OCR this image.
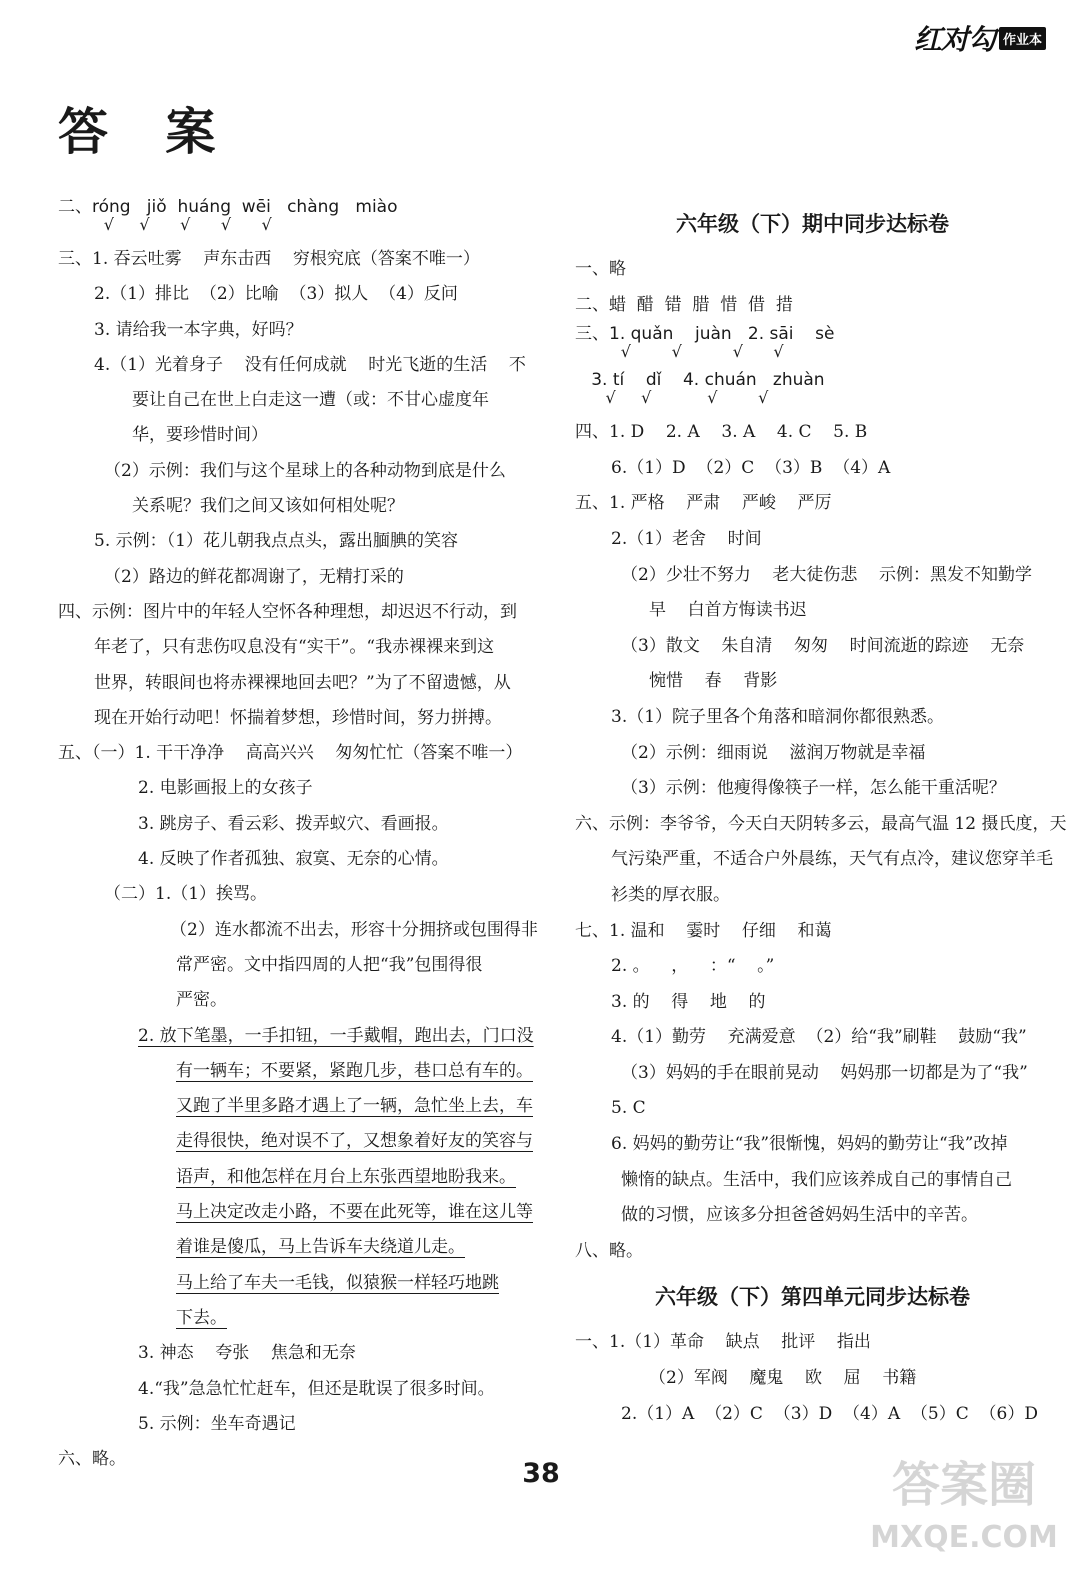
红对勾 作业本
答 案
二、róng   jiǒ  huáng  wēi   chàng   miào
√     √      √      √      √
三、1. 吞云吐雾    声东击西    穷根究底（答案不唯一）
2.（1）排比  （2）比喻  （3）拟人  （4）反问
3. 请给我一本字典，好吗？
4.（1）光着身子    没有任何成就    时光飞逝的生活    不
要让自己在世上白走这一遭（或：不甘心虚度年
华，要珍惜时间）
（2）示例：我们与这个星球上的各种动物到底是什么
关系呢？我们之间又该如何相处呢？
5. 示例：（1）花儿朝我点点头，露出腼腆的笑容
（2）路边的鲜花都凋谢了，无精打采的
四、示例：图片中的年轻人空怀各种理想，却迟迟不行动，到
年老了，只有悲伤叹息没有“实干”。“我赤裸裸来到这
世界，转眼间也将赤裸裸地回去吧？”为了不留遗憾，从
现在开始行动吧！怀揣着梦想，珍惜时间，努力拼搏。
五、（一）1. 干干净净    高高兴兴    匆匆忙忙（答案不唯一）
2. 电影画报上的女孩子
3. 跳房子、看云彩、拨弄蚁穴、看画报。
4. 反映了作者孤独、寂寞、无奈的心情。
（二）1.（1）挨骂。
（2）连水都流不出去，形容十分拥挤或包围得非
常严密。文中指四周的人把“我”包围得很
严密。
2. 放下笔墨，一手扣钮，一手戴帽，跑出去，门口没
有一辆车；不要紧，紧跑几步，巷口总有车的。
又跑了半里多路才遇上了一辆，急忙坐上去，车
走得很快，绝对误不了，又想象着好友的笑容与
语声，和他怎样在月台上东张西望地盼我来。
马上决定改走小路，不要在此死等，谁在这儿等
着谁是傻瓜，马上告诉车夫绕道儿走。
马上给了车夫一毛钱，似猿猴一样轻巧地跳
下去。
3. 神态    夸张    焦急和无奈
4.“我”急急忙忙赶车，但还是耽误了很多时间。
5. 示例：坐车奇遇记
六、略。
六年级（下）期中同步达标卷
一、略
二、蜡  醋  错  腊  惜  借  措
三、1. quǎn    juàn   2. sāi    sè
√        √          √      √
3. tí    dǐ    4. chuán   zhuàn
√     √           √        √
四、1. D    2. A    3. A    4. C    5. B
6.（1）D  （2）C  （3）B  （4）A
五、1. 严格    严肃    严峻    严厉
2.（1）老舍    时间
（2）少壮不努力    老大徒伤悲    示例：黑发不知勤学
早    白首方悔读书迟
（3）散文    朱自清    匆匆    时间流逝的踪迹    无奈
惋惜    春    背影
3.（1）院子里各个角落和暗洞你都很熟悉。
（2）示例：细雨说    滋润万物就是幸福
（3）示例：他瘦得像筷子一样，怎么能干重活呢？
六、示例：李爷爷，今天白天阴转多云，最高气温 12 摄氏度，天
气污染严重，不适合户外晨练，天气有点冷，建议您穿羊毛
衫类的厚衣服。
七、1. 温和    霎时    仔细    和蔼
2. 。    ，    ：“    。”
3. 的    得    地    的
4.（1）勤劳    充满爱意  （2）给“我”刷鞋    鼓励“我”
（3）妈妈的手在眼前晃动    妈妈那一切都是为了“我”
5. C
6. 妈妈的勤劳让“我”很惭愧，妈妈的勤劳让“我”改掉
懒惰的缺点。生活中，我们应该养成自己的事情自己
做的习惯，应该多分担爸爸妈妈生活中的辛苦。
八、略。
六年级（下）第四单元同步达标卷
一、1.（1）革命    缺点    批评    指出
（2）军阀    魔鬼    欧    屈    书籍
2.（1）A  （2）C  （3）D  （4）A  （5）C  （6）D
38	答案圈
MXQE.COM
